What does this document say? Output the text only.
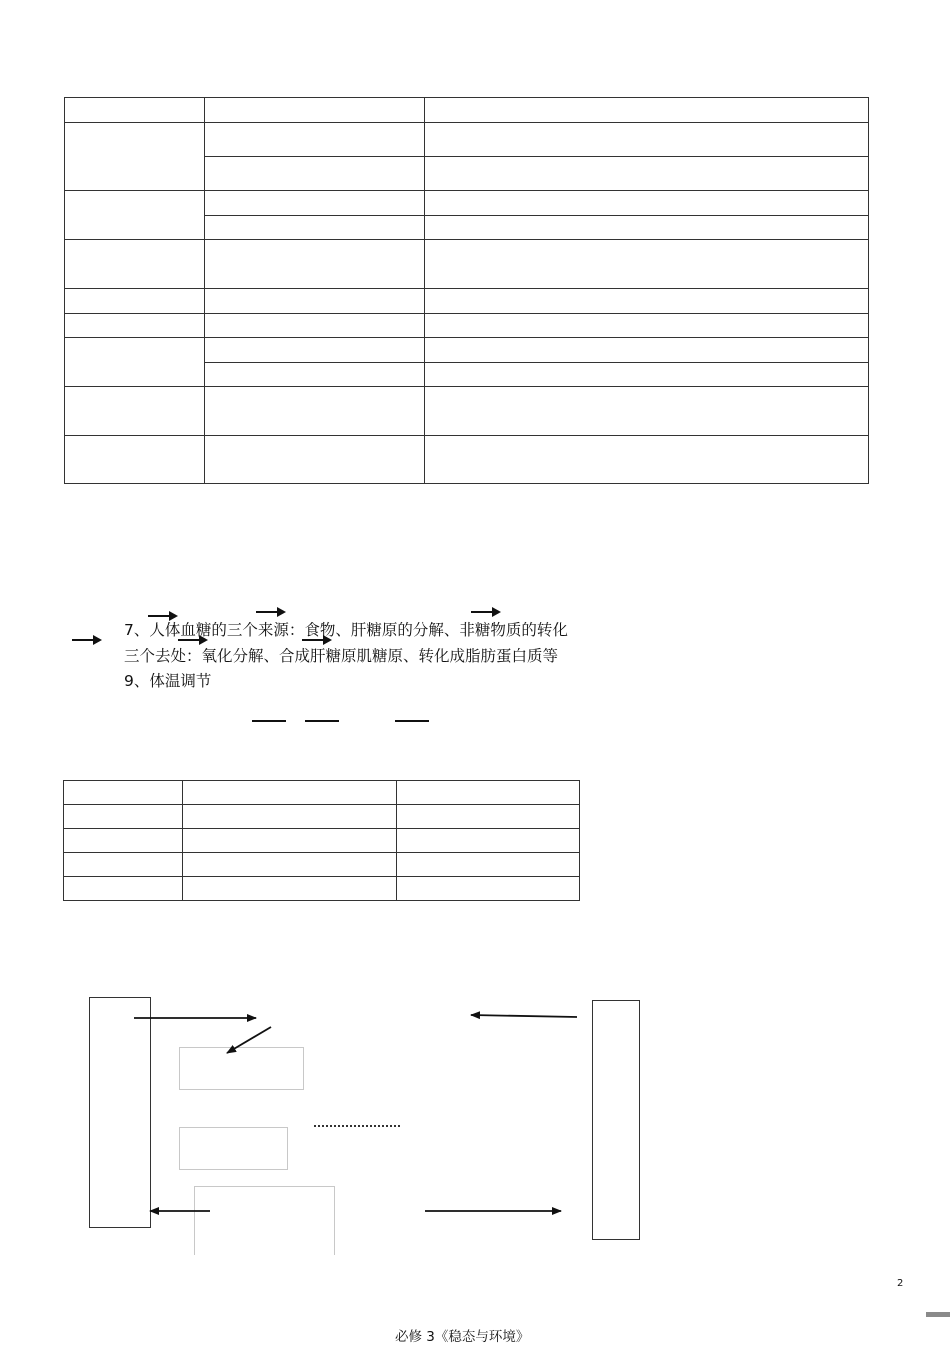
7、人体血糖的三个来源：食物、肝糖原的分解、非糖物质的转化
三个去处：氧化分解、合成肝糖原肌糖原、转化成脂肪蛋白质等
9、体温调节

2
必修 3《稳态与环境》
